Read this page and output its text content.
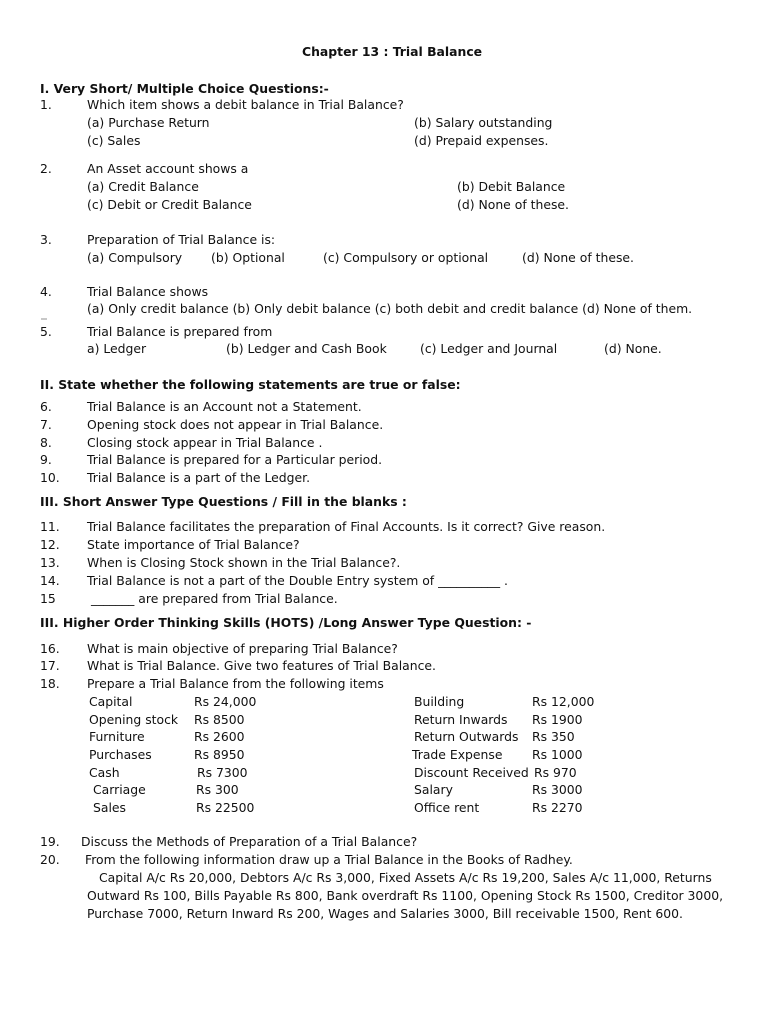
Chapter 13 : Trial Balance
I. Very Short/ Multiple Choice Questions:-
1.	Which item shows a debit balance in Trial Balance?
(a) Purchase Return	(b) Salary outstanding
(c) Sales	(d) Prepaid expenses.
2.	An Asset account shows a
(a) Credit Balance	(b) Debit Balance
(c) Debit or Credit Balance	(d) None of these.
3.	Preparation of Trial Balance is:
(a) Compulsory (b) Optional	(c) Compulsory or optional	(d) None of these.
4.	Trial Balance shows
(a) Only credit balance (b) Only debit balance (c) both debit and credit balance (d) None of them.
5.	Trial Balance is prepared from
a) Ledger	(b) Ledger and Cash Book	(c) Ledger and Journal	(d) None.
II. State whether the following statements are true or false:
6.	Trial Balance is an Account not a Statement.
7.	Opening stock does not appear in Trial Balance.
8.	Closing stock appear in Trial Balance .
9.	Trial Balance is prepared for a Particular period.
10. Trial Balance is a part of the Ledger.
III. Short Answer Type Questions / Fill in the blanks :
11. Trial Balance facilitates the preparation of Final Accounts. Is it correct? Give reason.
12. State importance of Trial Balance?
13. When is Closing Stock shown in the Trial Balance?.
14. Trial Balance is not a part of the Double Entry system of __________ .
15	_______ are prepared from Trial Balance.
III. Higher Order Thinking Skills (HOTS) /Long Answer Type Question: -
16. What is main objective of preparing Trial Balance?
17. What is Trial Balance. Give two features of Trial Balance.
18. Prepare a Trial Balance from the following items
Capital	Rs 24,000	Building	Rs 12,000
Opening stock Rs 8500	Return Inwards Rs 1900
Furniture	Rs 2600	Return Outwards Rs 350
Purchases	Rs 8950	Trade Expense Rs 1000
Cash	Rs 7300	Discount Received Rs 970
Carriage	Rs 300	Salary	Rs 3000
Sales	Rs 22500	Office rent	Rs 2270
19. Discuss the Methods of Preparation of a Trial Balance?
20. From the following information draw up a Trial Balance in the Books of Radhey.
Capital A/c Rs 20,000, Debtors A/c Rs 3,000, Fixed Assets A/c Rs 19,200, Sales A/c 11,000, Returns
Outward Rs 100, Bills Payable Rs 800, Bank overdraft Rs 1100, Opening Stock Rs 1500, Creditor 3000,
Purchase 7000, Return Inward Rs 200, Wages and Salaries 3000, Bill receivable 1500, Rent 600.
